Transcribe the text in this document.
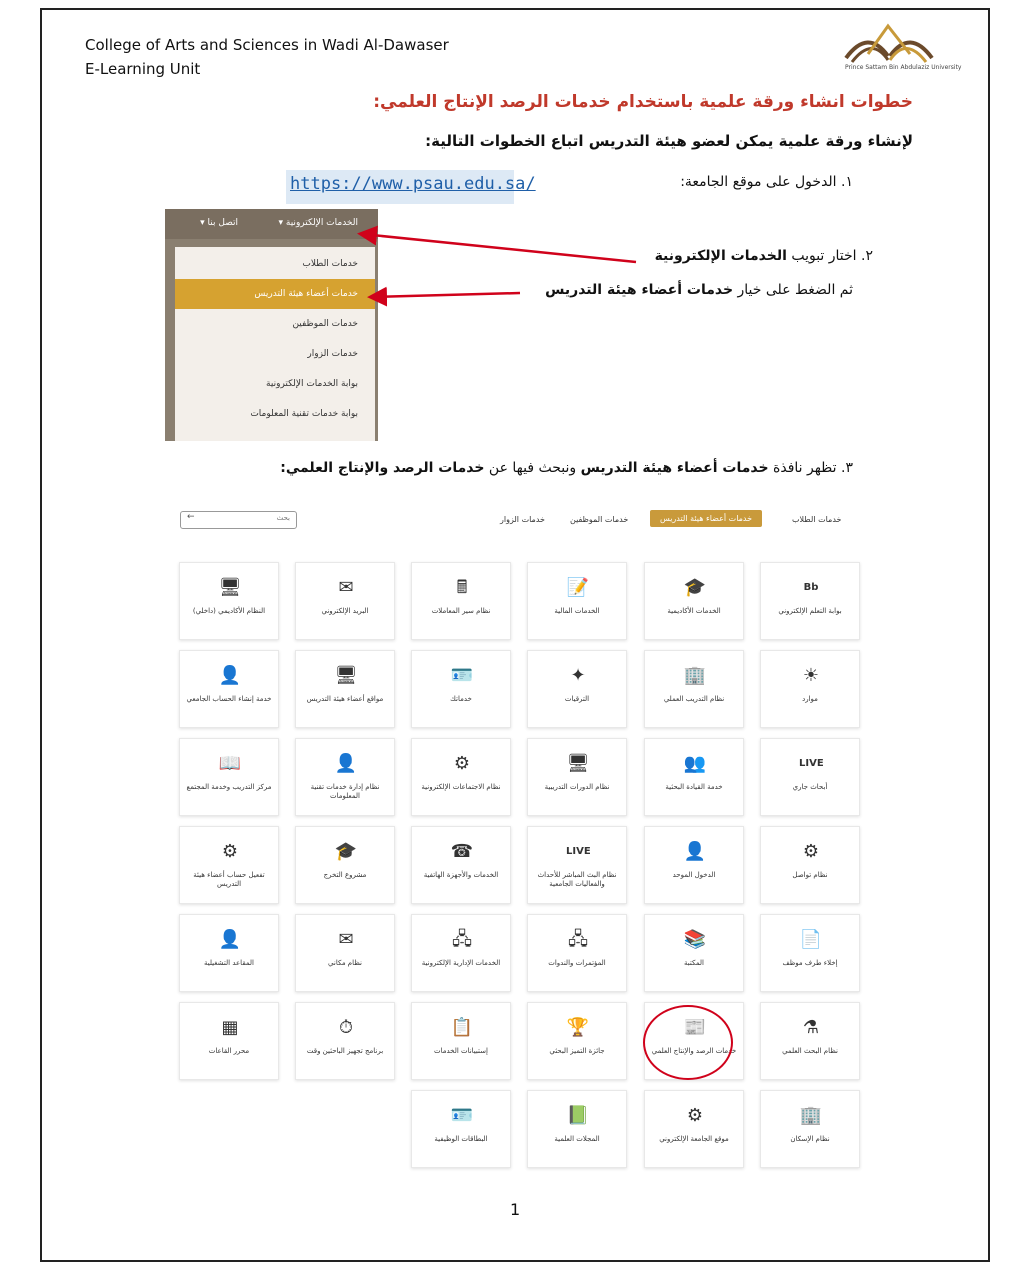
College of Arts and Sciences in Wadi Al-Dawaser
E-Learning Unit	Prince Sattam Bin Abdulaziz University
خطوات انشاء ورقة علمية باستخدام خدمات الرصد الإنتاج العلمي:
لإنشاء ورقة علمية يمكن لعضو هيئة التدريس اتباع الخطوات التالية:
١. الدخول على موقع الجامعة:
https://www.psau.edu.sa/
٢. اختار تبويب الخدمات الإلكترونية
ثم الضغط على خيار خدمات أعضاء هيئة التدريس
الخدمات الإلكترونية ▾
اتصل بنا ▾
خدمات الطلاب
خدمات أعضاء هيئة التدريس
خدمات الموظفين
خدمات الزوار
بوابة الخدمات الإلكترونية
بوابة خدمات تقنية المعلومات
٣. تظهر نافذة خدمات أعضاء هيئة التدريس ونبحث فيها عن خدمات الرصد والإنتاج العلمي:
بحث
←	خدمات الطلاب
خدمات أعضاء هيئة التدريس
خدمات الموظفين
خدمات الزوار
Bb
بوابة التعلم الإلكتروني
🎓
الخدمات الأكاديمية
📝
الخدمات المالية
🖩
نظام سير المعاملات
✉
البريد الإلكتروني
🖥
النظام الأكاديمي (داخلي)
☀
موارد
🏢
نظام التدريب العملي
✦
الترقيات
🪪
خدماتك
🖥
مواقع أعضاء هيئة التدريس
👤
خدمة إنشاء الحساب الجامعي
LIVE
أبحاث جاري
👥
خدمة القيادة البحثية
🖥
نظام الدورات التدريبية
⚙
نظام الاجتماعات الإلكترونية
👤
نظام إدارة خدمات تقنية المعلومات
📖
مركز التدريب وخدمة المجتمع
⚙
نظام تواصل
👤
الدخول الموحد
LIVE
نظام البث المباشر للأحداث والفعاليات الجامعية
☎
الخدمات والأجهزة الهاتفية
🎓
مشروع التخرج
⚙
تفعيل حساب أعضاء هيئة التدريس
📄
إخلاء طرف موظف
📚
المكتبة
🖧
المؤتمرات والندوات
🖧
الخدمات الإدارية الإلكترونية
✉
نظام مكاني
👤
المقاعد التشغيلية
⚗
نظام البحث العلمي
📰
خدمات الرصد والإنتاج العلمي
🏆
جائزة التميز البحثي
📋
إستبيانات الخدمات
⏱
برنامج تجهيز الباحثين وقت
▦
محرر القاعات
🏢
نظام الإسكان
⚙
موقع الجامعة الإلكتروني
📗
المجلات العلمية
🪪
البطاقات الوظيفية
1
